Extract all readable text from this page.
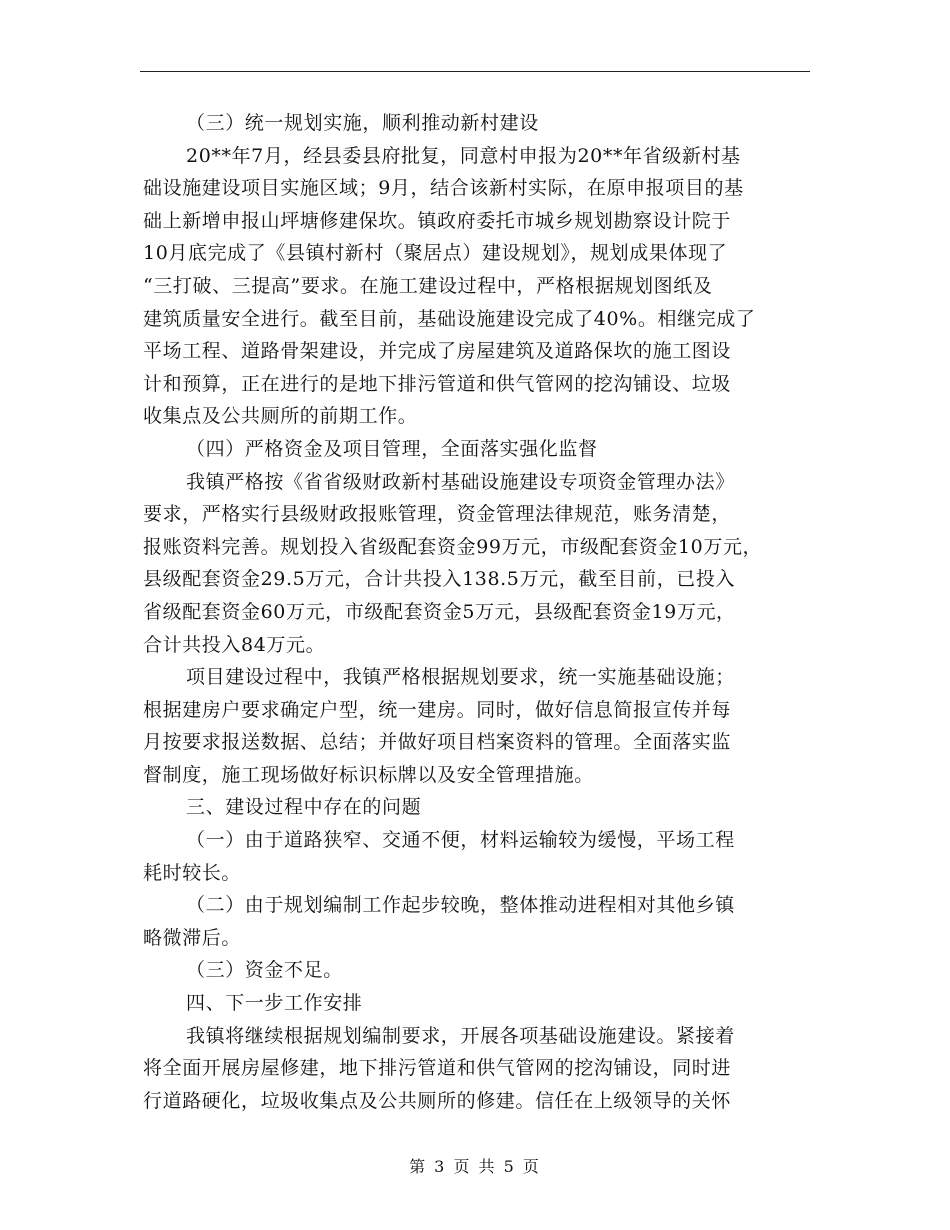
（三）统一规划实施，顺利推动新村建设
20**年7月，经县委县府批复，同意村申报为20**年省级新村基
础设施建设项目实施区域；9月，结合该新村实际，在原申报项目的基
础上新增申报山坪塘修建保坎。镇政府委托市城乡规划勘察设计院于
10月底完成了《县镇村新村（聚居点）建设规划》，规划成果体现了
“三打破、三提高”要求。在施工建设过程中，严格根据规划图纸及
建筑质量安全进行。截至目前，基础设施建设完成了40%。相继完成了
平场工程、道路骨架建设，并完成了房屋建筑及道路保坎的施工图设
计和预算，正在进行的是地下排污管道和供气管网的挖沟铺设、垃圾
收集点及公共厕所的前期工作。
（四）严格资金及项目管理，全面落实强化监督
我镇严格按《省省级财政新村基础设施建设专项资金管理办法》
要求，严格实行县级财政报账管理，资金管理法律规范，账务清楚，
报账资料完善。规划投入省级配套资金99万元，市级配套资金10万元，
县级配套资金29.5万元，合计共投入138.5万元，截至目前，已投入
省级配套资金60万元，市级配套资金5万元，县级配套资金19万元，
合计共投入84万元。
项目建设过程中，我镇严格根据规划要求，统一实施基础设施；
根据建房户要求确定户型，统一建房。同时，做好信息简报宣传并每
月按要求报送数据、总结；并做好项目档案资料的管理。全面落实监
督制度，施工现场做好标识标牌以及安全管理措施。
三、建设过程中存在的问题
（一）由于道路狭窄、交通不便，材料运输较为缓慢，平场工程
耗时较长。
（二）由于规划编制工作起步较晚，整体推动进程相对其他乡镇
略微滞后。
（三）资金不足。
四、下一步工作安排
我镇将继续根据规划编制要求，开展各项基础设施建设。紧接着
将全面开展房屋修建，地下排污管道和供气管网的挖沟铺设，同时进
行道路硬化，垃圾收集点及公共厕所的修建。信任在上级领导的关怀
第 3 页 共 5 页
